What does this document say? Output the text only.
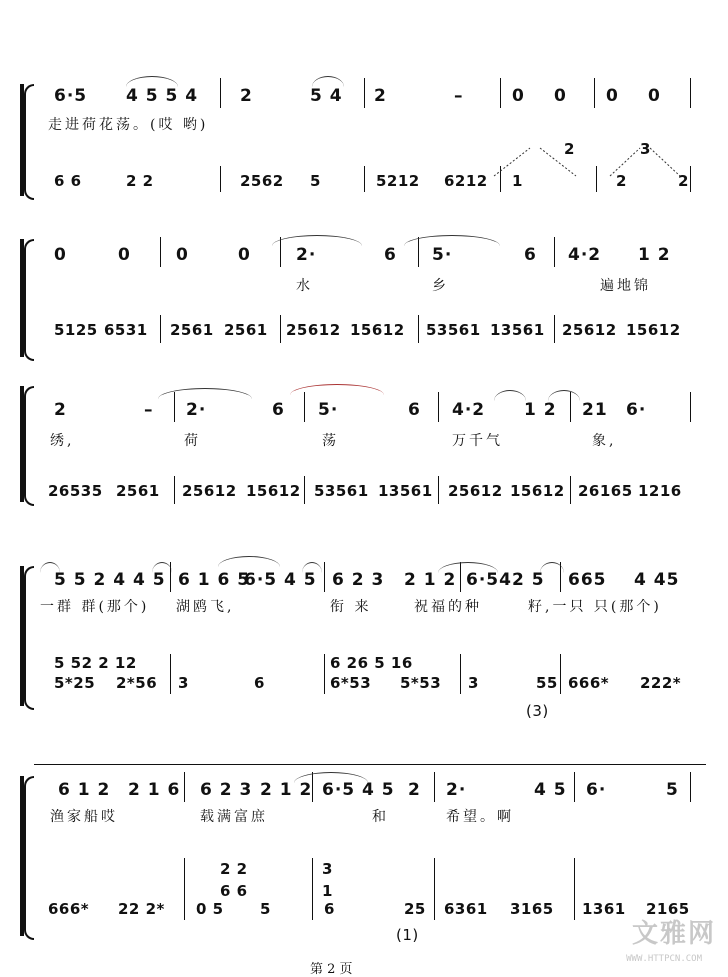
6·5 4 5 5 4 2	5 4 2	–	0 0 0 0
走进荷花荡。(哎 哟)
6 6	2 2	2562 5	5212 6212 1
2	3
2	2
0	0	0	0	2·	6 5·	6 4·2 1 2
水	乡	遍地锦
5125 6531 2561 2561 25612 15612 53561 13561 25612 15612
2	– 2·	6 5·	6 4·2 1 2 21 6·
绣,	荷	荡	万千气	象,
26535 2561 25612 15612 53561 13561 25612 15612 26165 1216
5 5 2 4 4 5 6 1 6 5
6·5 4 5 6 2 3 2 1 2 6·542 5 665 4 45
一群 群(那个) 湖鸥飞,	衔 来	祝福的种	籽,一只 只(那个)
5 52 2 12	6 26 5 16
5*25 2*56 3	6	6*53 5*53 3	55 666* 222*
(3)
6 1 2 2 1 6 6 2 3 2 1 2 6·5 4 5 2 2·	4 5 6·	5
渔家船哎	载满富庶	和	希望。啊
2 2
6 6
3
1
666* 22 2* 0 5 5	6	25 6361 3165 1361 2165
(1)
第 2 页
文雅网
WWW.HTTPCN.COM
